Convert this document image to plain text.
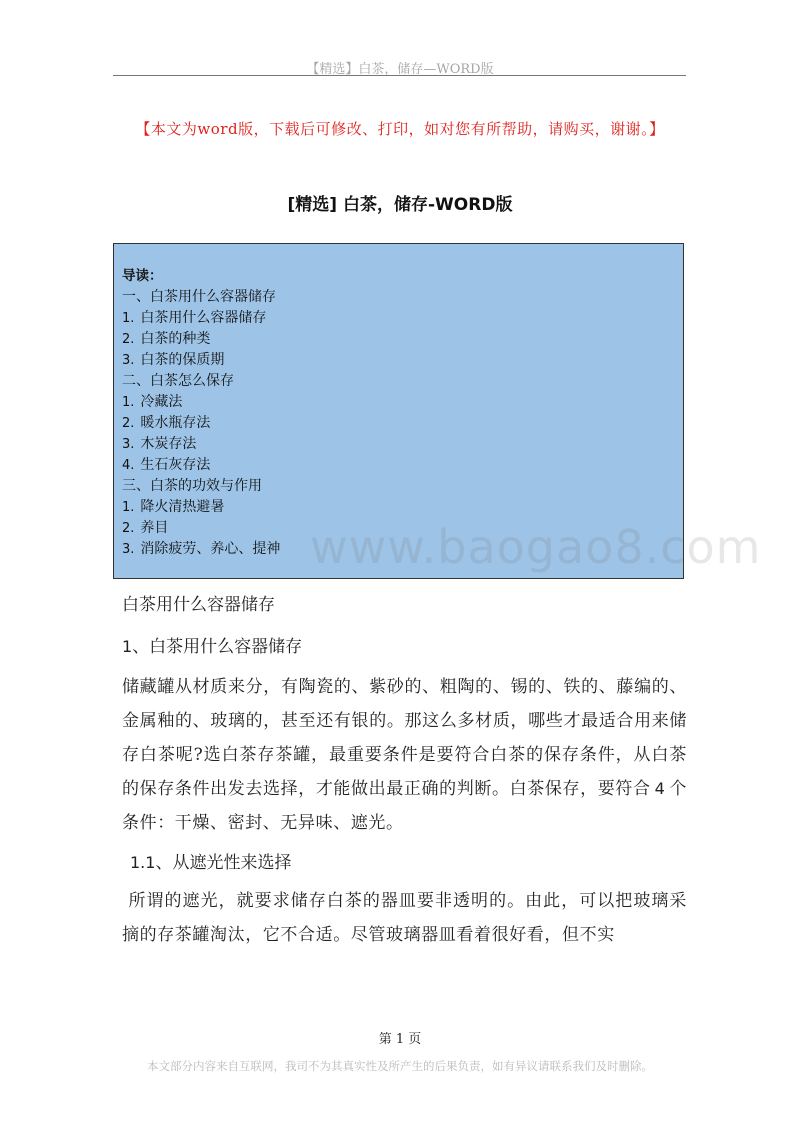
【精选】白茶，储存—WORD版
【本文为word版，下载后可修改、打印，如对您有所帮助，请购买，谢谢。】
[精选] 白茶，储存-WORD版
导读：
一、白茶用什么容器储存
1. 白茶用什么容器储存
2. 白茶的种类
3. 白茶的保质期
二、白茶怎么保存
1. 冷藏法
2. 暖水瓶存法
3. 木炭存法
4. 生石灰存法
三、白茶的功效与作用
1. 降火清热避暑
2. 养目
3. 消除疲劳、养心、提神 www.baogao8.com
白茶用什么容器储存
1、白茶用什么容器储存

储藏罐从材质来分，有陶瓷的、紫砂的、粗陶的、锡的、铁的、藤编的、金属釉的、玻璃的，甚至还有银的。那这么多材质，哪些才最适合用来储存白茶呢?选白茶存茶罐，最重要条件是要符合白茶的保存条件，从白茶的保存条件出发去选择，才能做出最正确的判断。白茶保存，要符合 4 个条件：干燥、密封、无异味、遮光。

1.1、从遮光性来选择

所谓的遮光，就要求储存白茶的器皿要非透明的。由此，可以把玻璃采摘的存茶罐淘汰，它不合适。尽管玻璃器皿看着很好看，但不实

第 1 页
本文部分内容来自互联网，我司不为其真实性及所产生的后果负责，如有异议请联系我们及时删除。
